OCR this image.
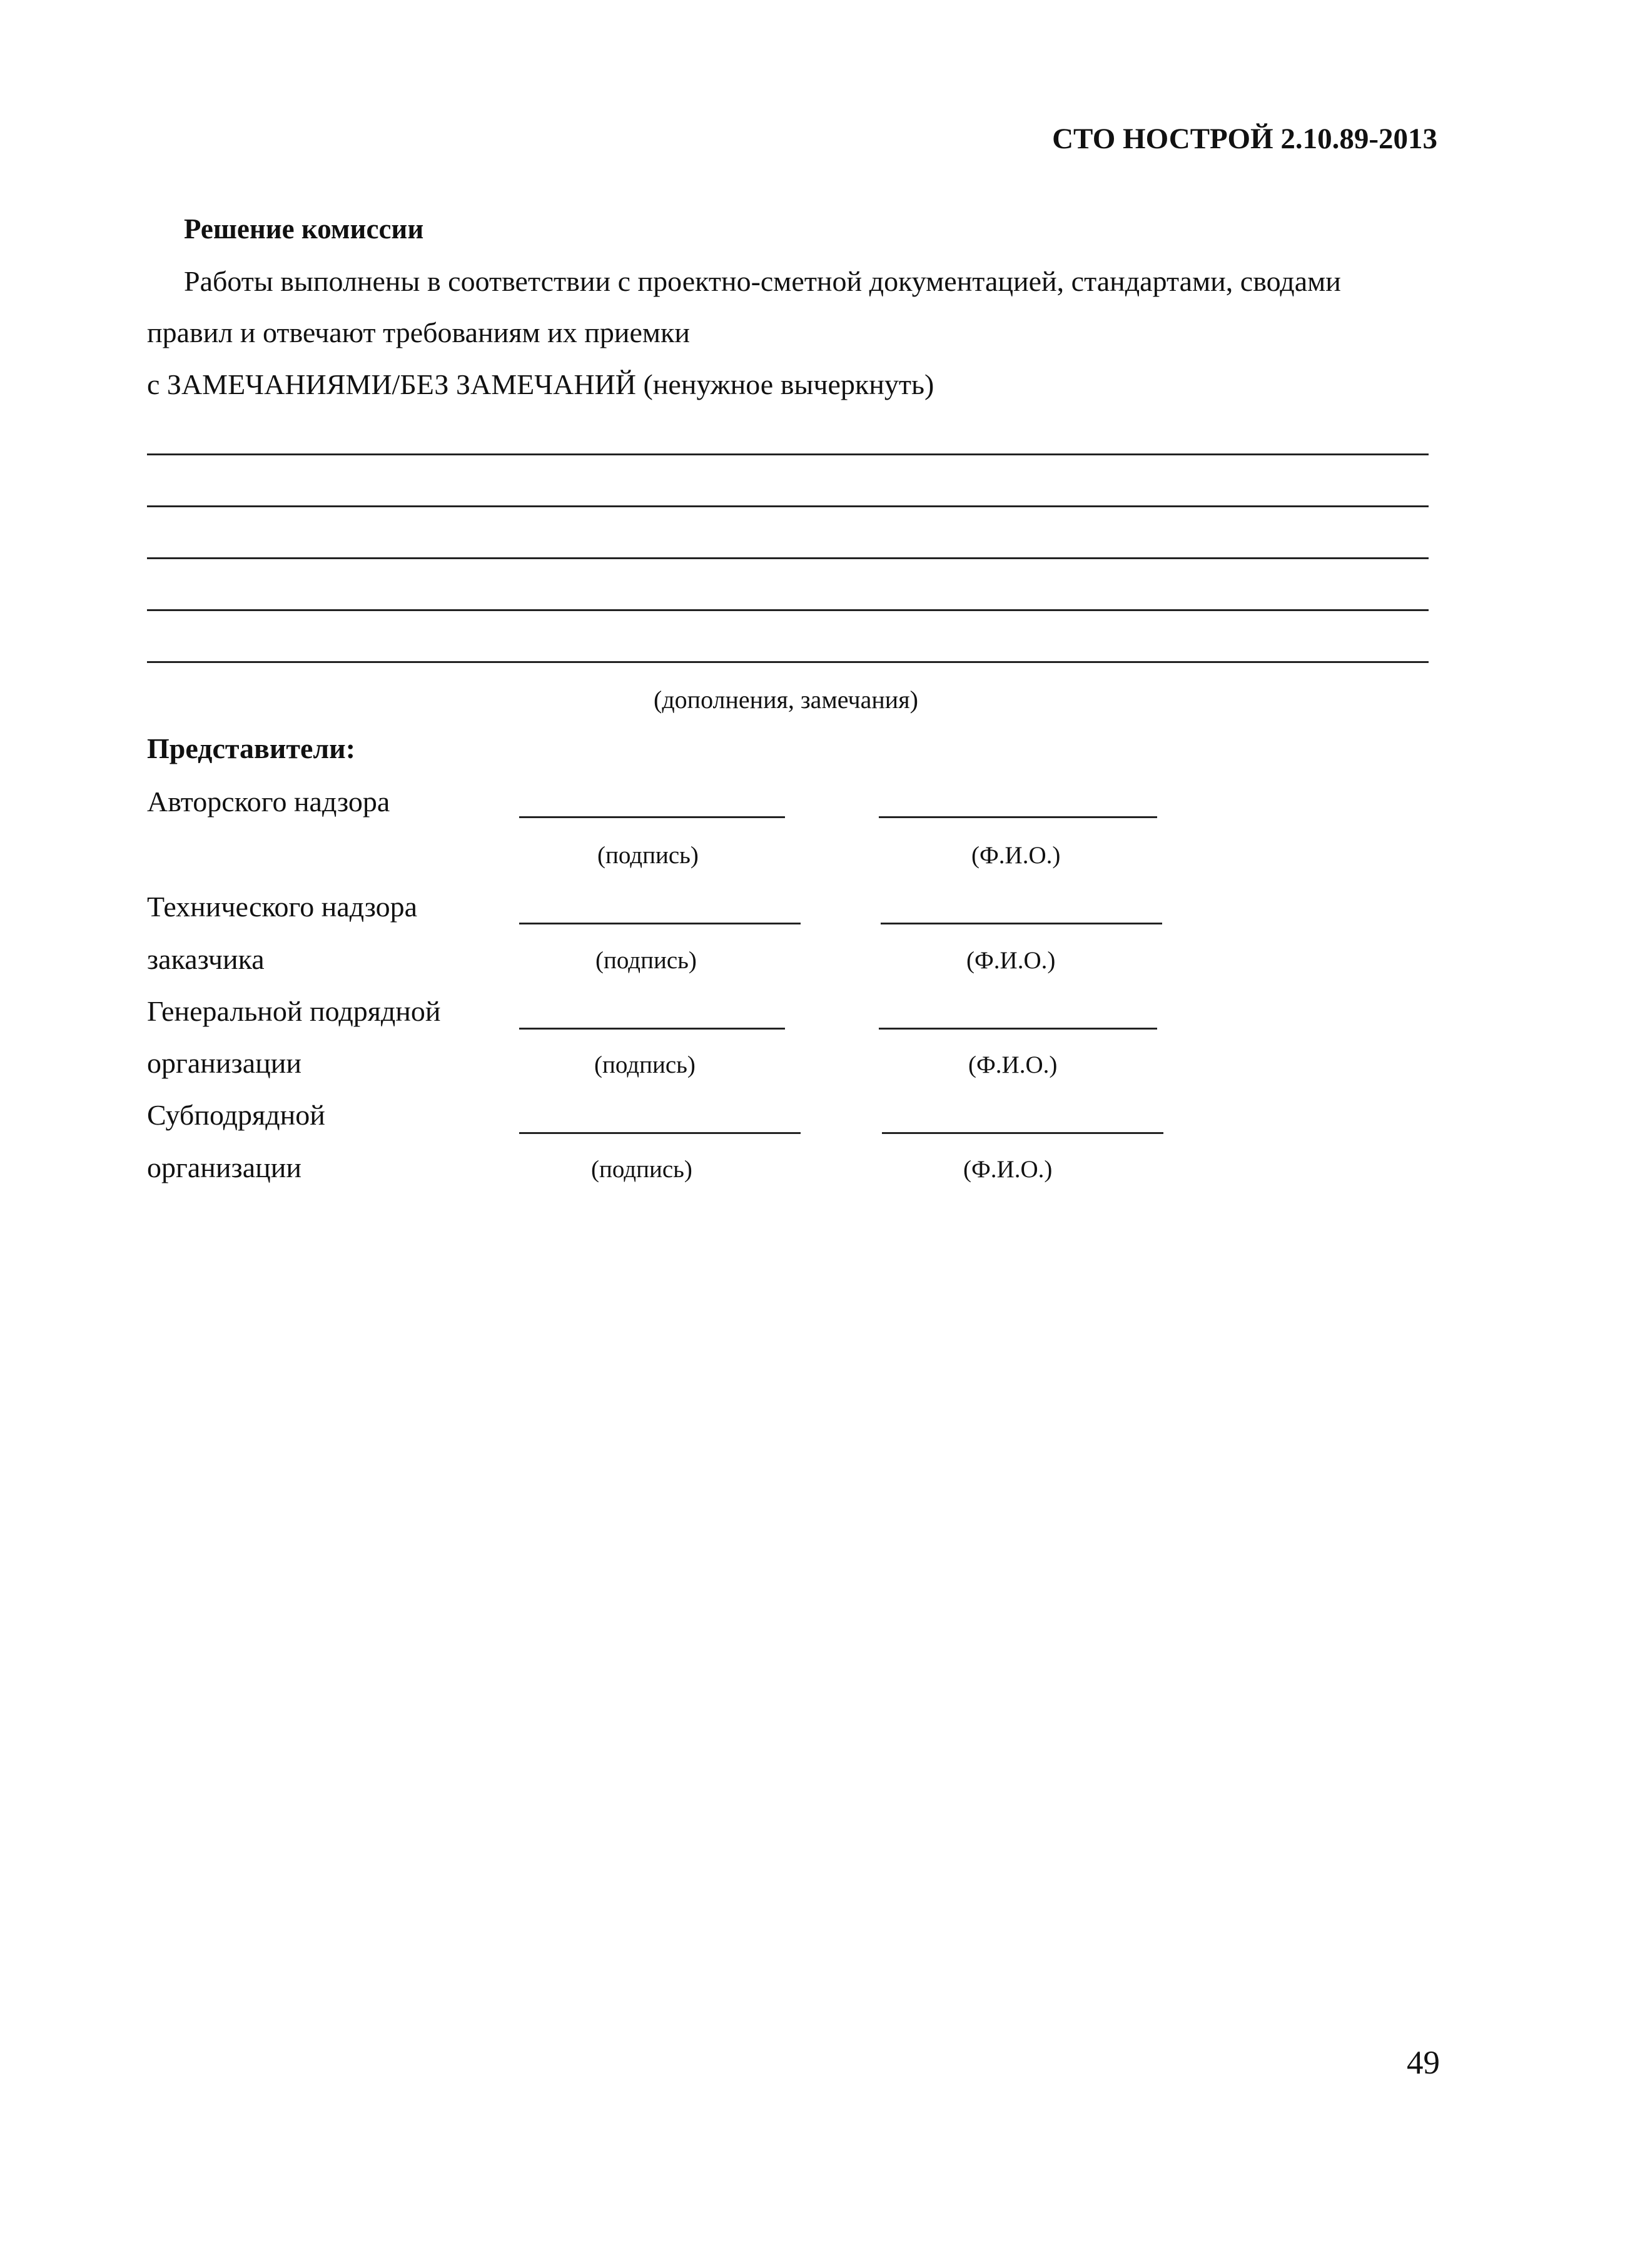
СТО НОСТРОЙ 2.10.89-2013
Решение комиссии
Работы выполнены в соответствии с проектно-сметной документацией, стандартами, сводами
правил и отвечают требованиям их приемки
с ЗАМЕЧАНИЯМИ/БЕЗ ЗАМЕЧАНИЙ (ненужное вычеркнуть)
(дополнения, замечания)
Представители:
Авторского надзора
(подпись)	(Ф.И.О.)
Технического надзора
заказчика	(подпись)	(Ф.И.О.)
Генеральной подрядной
организации	(подпись)	(Ф.И.О.)
Субподрядной
организации	(подпись)	(Ф.И.О.)
49
